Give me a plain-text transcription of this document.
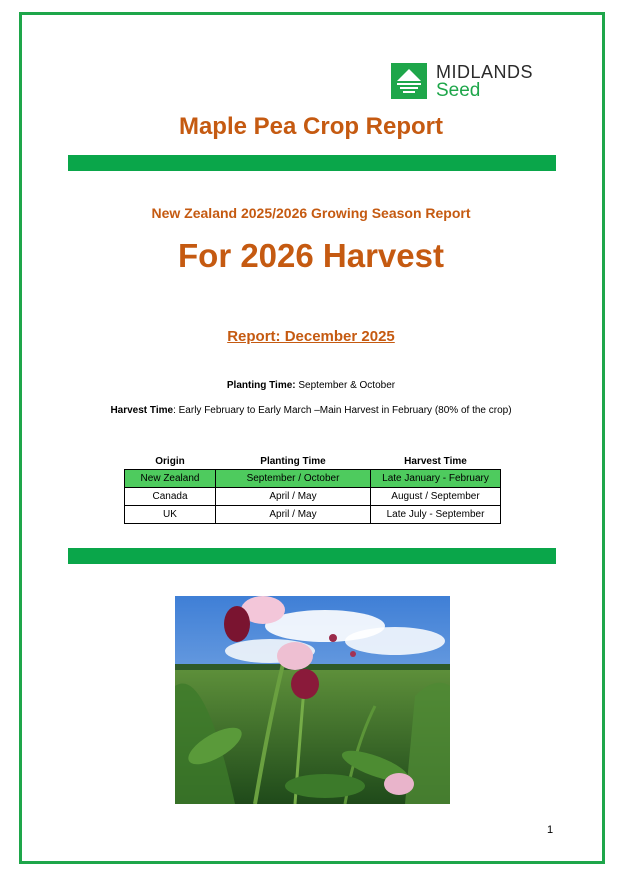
MIDLANDS
Seed
Maple Pea Crop Report
New Zealand 2025/2026 Growing Season Report
For 2026 Harvest
Report: December 2025
Planting Time: September & October
Harvest Time: Early February to Early March –Main Harvest in February (80% of the crop)
Origin	Planting Time	Harvest Time
New Zealand	September / October	Late January - February
Canada	April / May	August / September
UK	April / May	Late July - September
1
